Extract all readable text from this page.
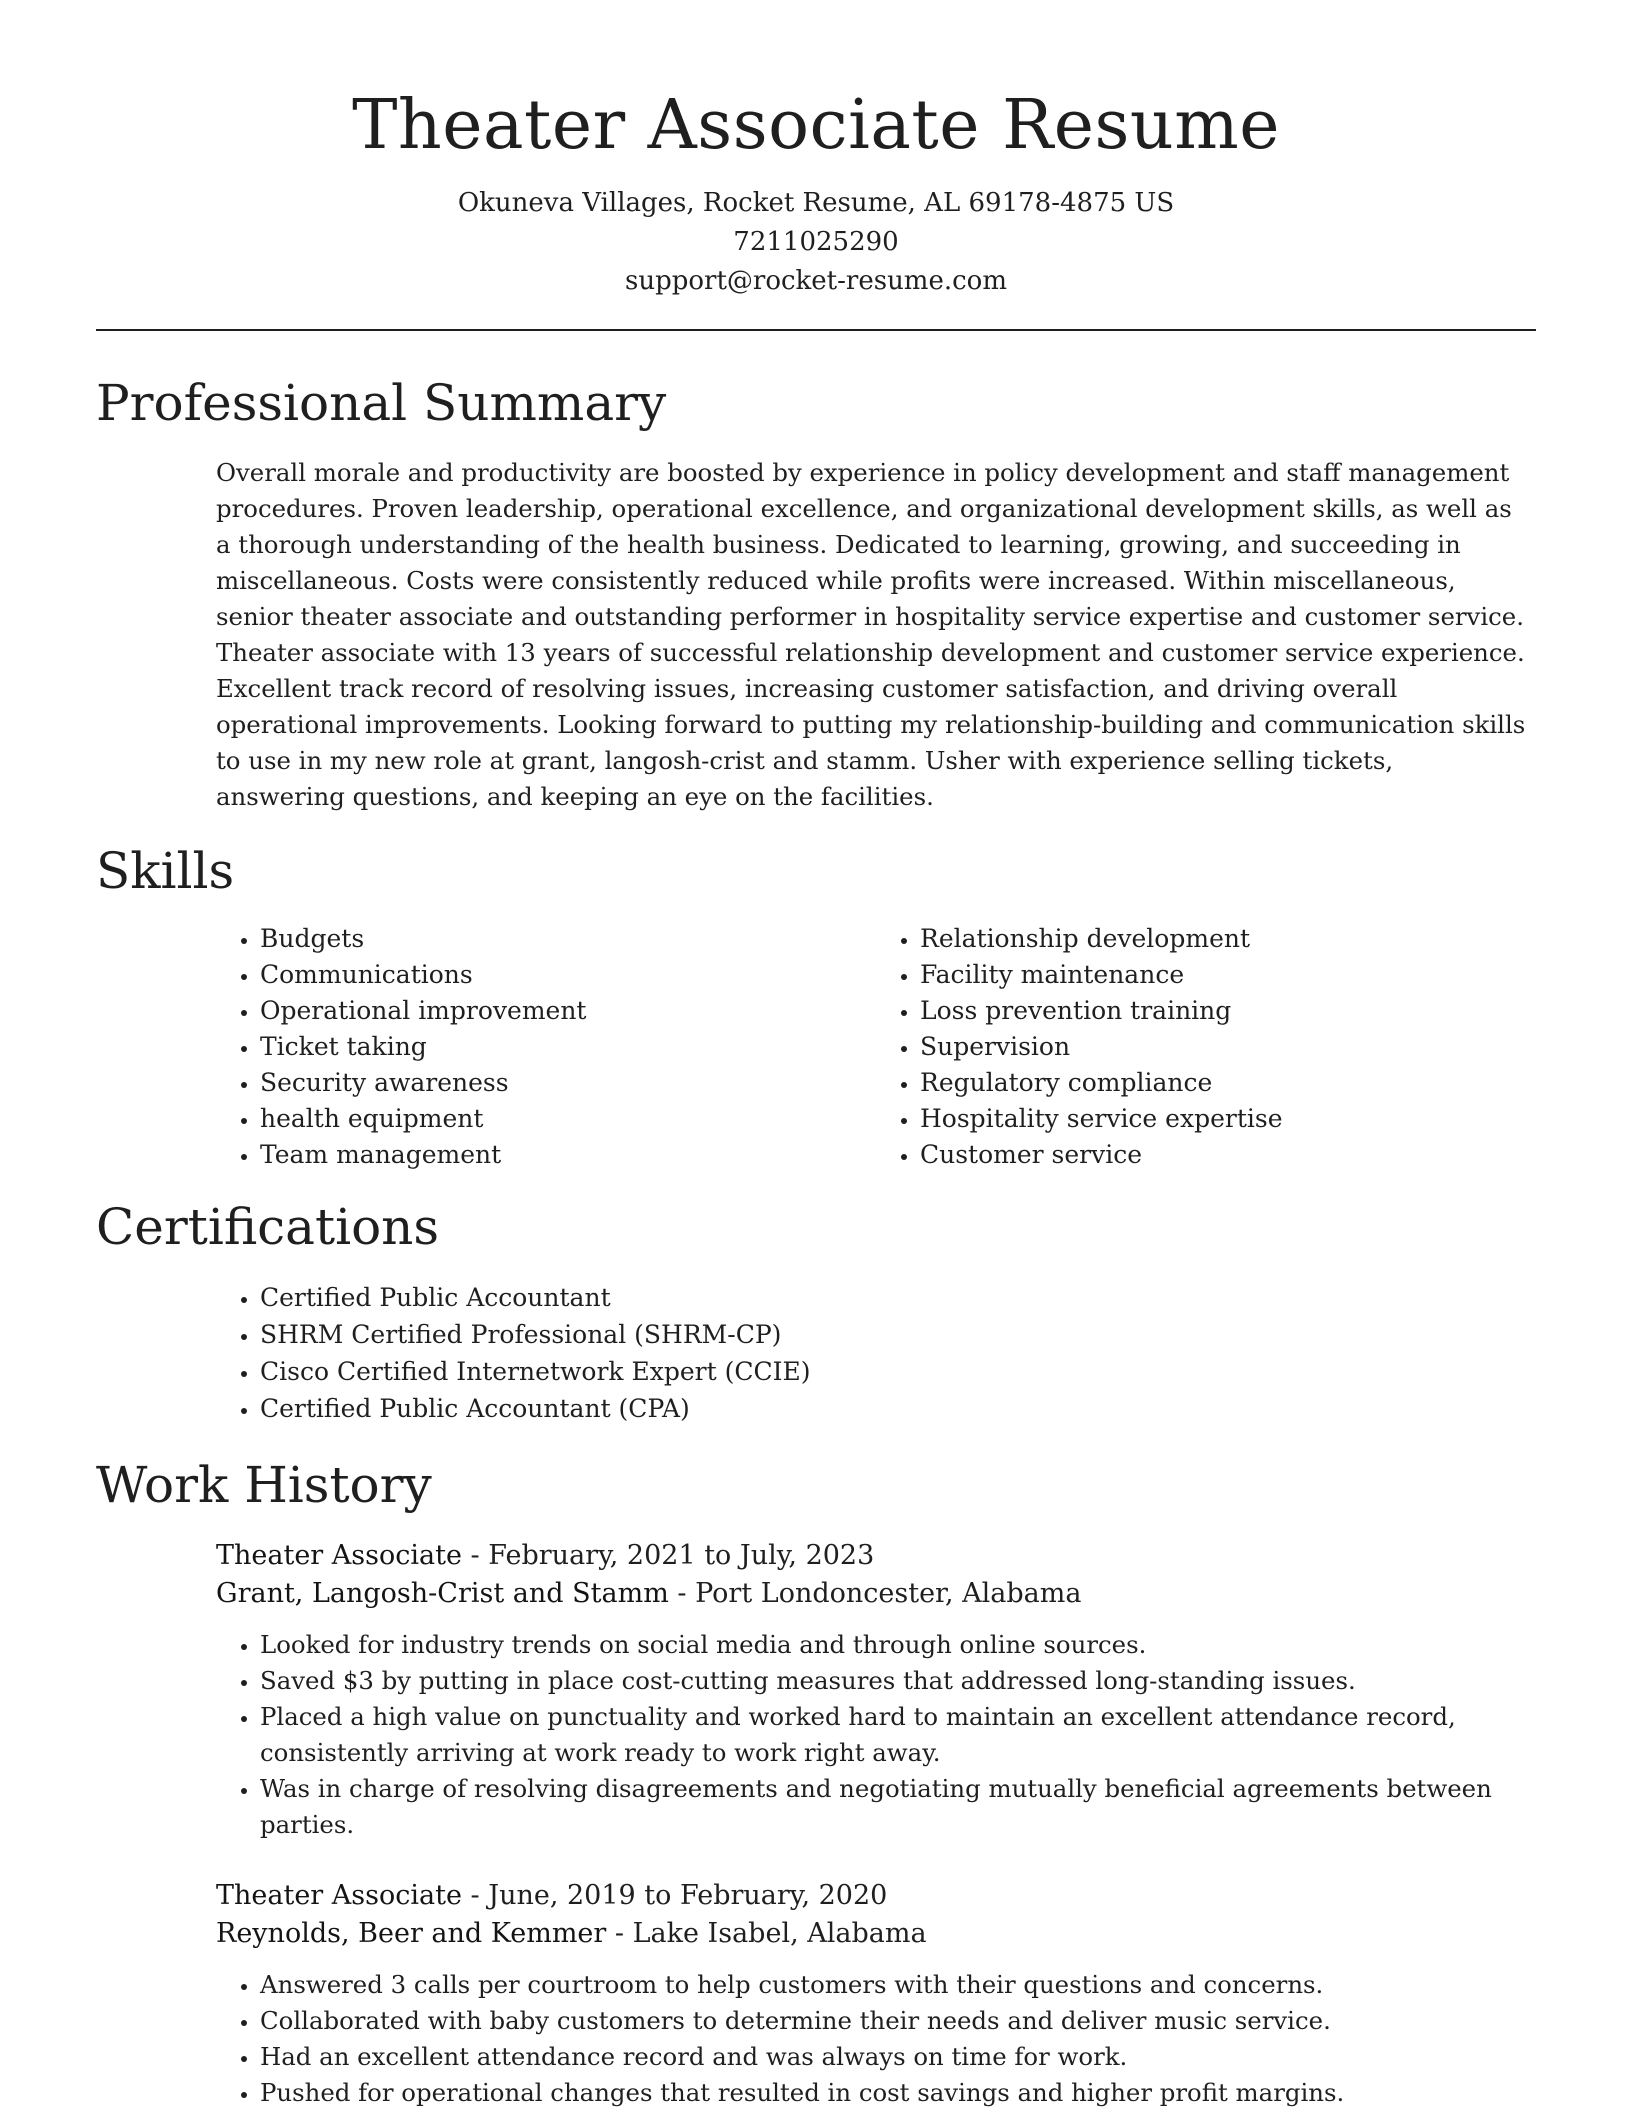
Theater Associate Resume
Okuneva Villages, Rocket Resume, AL 69178-4875 US
7211025290
support@rocket-resume.com
Professional Summary

Overall morale and productivity are boosted by experience in policy development and staff management procedures. Proven leadership, operational excellence, and organizational development skills, as well as a thorough understanding of the health business. Dedicated to learning, growing, and succeeding in miscellaneous. Costs were consistently reduced while profits were increased. Within miscellaneous, senior theater associate and outstanding performer in hospitality service expertise and customer service. Theater associate with 13 years of successful relationship development and customer service experience. Excellent track record of resolving issues, increasing customer satisfaction, and driving overall operational improvements. Looking forward to putting my relationship-building and communication skills to use in my new role at grant, langosh-crist and stamm. Usher with experience selling tickets, answering questions, and keeping an eye on the facilities.

Skills
• Budgets
• Communications
• Operational improvement
• Ticket taking
• Security awareness
• health equipment
• Team management
• Relationship development
• Facility maintenance
• Loss prevention training
• Supervision
• Regulatory compliance
• Hospitality service expertise
• Customer service
Certifications
• Certified Public Accountant
• SHRM Certified Professional (SHRM-CP)
• Cisco Certified Internetwork Expert (CCIE)
• Certified Public Accountant (CPA)
Work History
Theater Associate - February, 2021 to July, 2023
Grant, Langosh-Crist and Stamm - Port Londoncester, Alabama
• Looked for industry trends on social media and through online sources.
• Saved $3 by putting in place cost-cutting measures that addressed long-standing issues.
• Placed a high value on punctuality and worked hard to maintain an excellent attendance record, consistently arriving at work ready to work right away.
• Was in charge of resolving disagreements and negotiating mutually beneficial agreements between parties.
Theater Associate - June, 2019 to February, 2020
Reynolds, Beer and Kemmer - Lake Isabel, Alabama
• Answered 3 calls per courtroom to help customers with their questions and concerns.
• Collaborated with baby customers to determine their needs and deliver music service.
• Had an excellent attendance record and was always on time for work.
• Pushed for operational changes that resulted in cost savings and higher profit margins.
